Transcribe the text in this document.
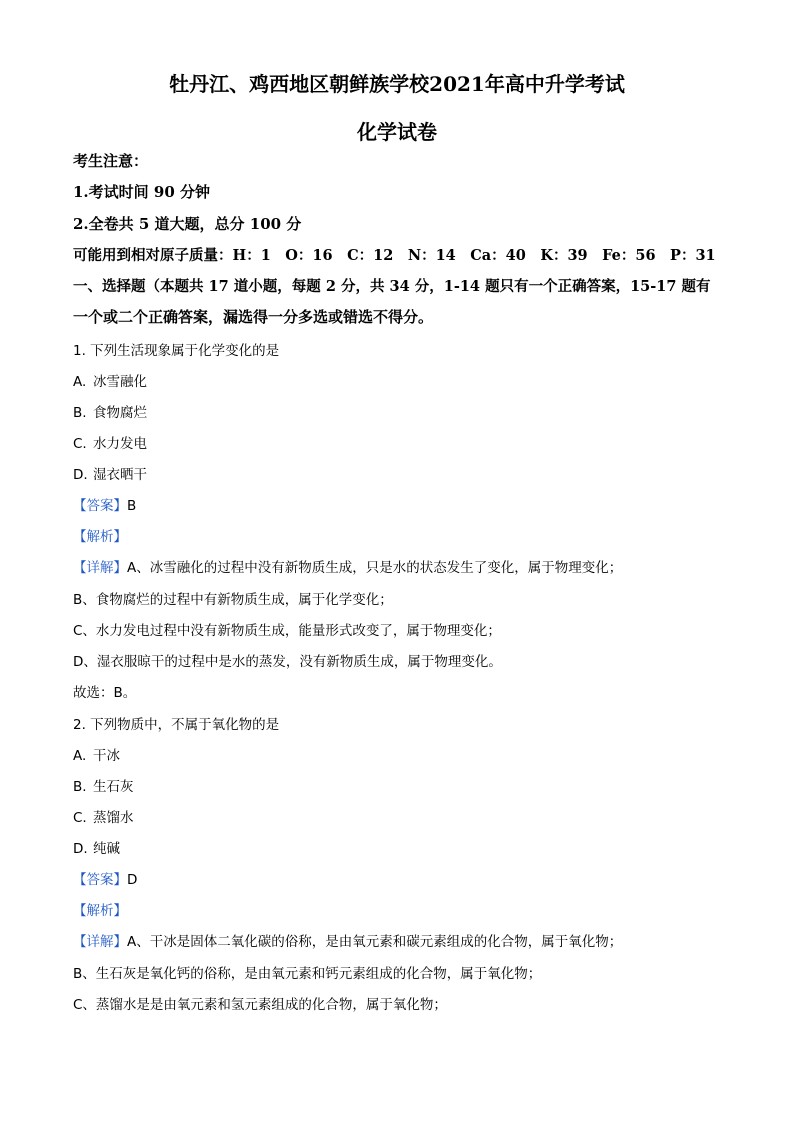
牡丹江、鸡西地区朝鲜族学校2021年高中升学考试
化学试卷
考生注意：
1.考试时间 90 分钟
2.全卷共 5 道大题，总分 100 分
可能用到相对原子质量：H：1　O：16　C：12　N：14　Ca：40　K：39　Fe：56　P：31
一、选择题（本题共 17 道小题，每题 2 分，共 34 分，1-14 题只有一个正确答案，15-17 题有
一个或二个正确答案，漏选得一分多选或错选不得分。
1. 下列生活现象属于化学变化的是
A. 冰雪融化
B. 食物腐烂
C. 水力发电
D. 湿衣晒干
【答案】B
【解析】
【详解】A、冰雪融化的过程中没有新物质生成，只是水的状态发生了变化，属于物理变化；
B、食物腐烂的过程中有新物质生成，属于化学变化；
C、水力发电过程中没有新物质生成，能量形式改变了，属于物理变化；
D、湿衣服晾干的过程中是水的蒸发，没有新物质生成，属于物理变化。
故选：B。
2. 下列物质中，不属于氧化物的是
A. 干冰
B. 生石灰
C. 蒸馏水
D. 纯碱
【答案】D
【解析】
【详解】A、干冰是固体二氧化碳的俗称，是由氧元素和碳元素组成的化合物，属于氧化物；
B、生石灰是氧化钙的俗称，是由氧元素和钙元素组成的化合物，属于氧化物；
C、蒸馏水是是由氧元素和氢元素组成的化合物，属于氧化物；
